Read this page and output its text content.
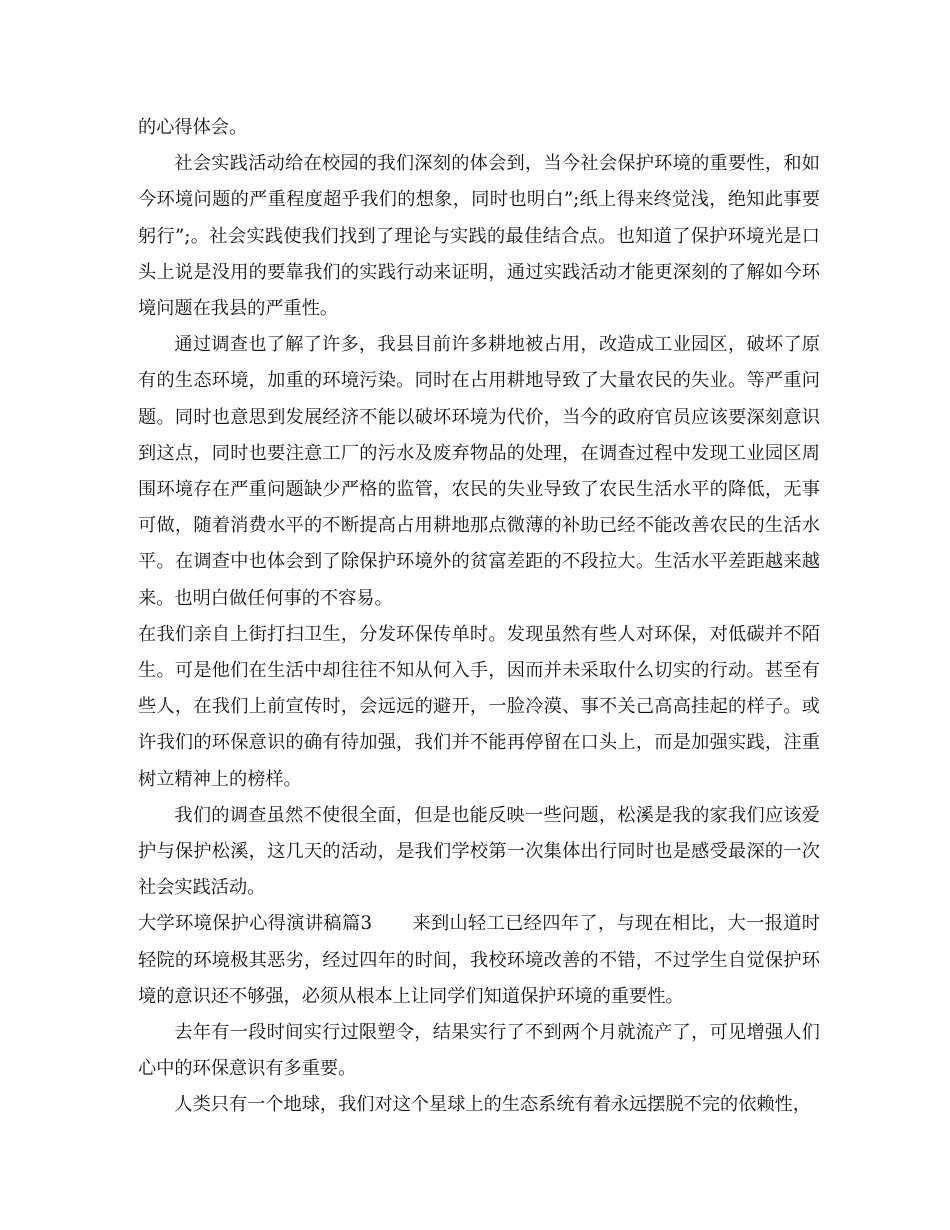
的心得体会。

社会实践活动给在校园的我们深刻的体会到，当今社会保护环境的重要性，和如今环境问题的严重程度超乎我们的想象，同时也明白”;纸上得来终觉浅，绝知此事要躬行”;。社会实践使我们找到了理论与实践的最佳结合点。也知道了保护环境光是口头上说是没用的要靠我们的实践行动来证明，通过实践活动才能更深刻的了解如今环境问题在我县的严重性。

通过调查也了解了许多，我县目前许多耕地被占用，改造成工业园区，破坏了原有的生态环境，加重的环境污染。同时在占用耕地导致了大量农民的失业。等严重问题。同时也意思到发展经济不能以破坏环境为代价，当今的政府官员应该要深刻意识到这点，同时也要注意工厂的污水及废弃物品的处理，在调查过程中发现工业园区周围环境存在严重问题缺少严格的监管，农民的失业导致了农民生活水平的降低，无事可做，随着消费水平的不断提高占用耕地那点微薄的补助已经不能改善农民的生活水平。在调查中也体会到了除保护环境外的贫富差距的不段拉大。生活水平差距越来越来。也明白做任何事的不容易。

在我们亲自上街打扫卫生，分发环保传单时。发现虽然有些人对环保，对低碳并不陌生。可是他们在生活中却往往不知从何入手，因而并未采取什么切实的行动。甚至有些人，在我们上前宣传时，会远远的避开，一脸冷漠、事不关己高高挂起的样子。或许我们的环保意识的确有待加强，我们并不能再停留在口头上，而是加强实践，注重树立精神上的榜样。

我们的调查虽然不使很全面，但是也能反映一些问题，松溪是我的家我们应该爱护与保护松溪，这几天的活动，是我们学校第一次集体出行同时也是感受最深的一次社会实践活动。

大学环境保护心得演讲稿篇3 来到山轻工已经四年了，与现在相比，大一报道时轻院的环境极其恶劣，经过四年的时间，我校环境改善的不错，不过学生自觉保护环境的意识还不够强，必须从根本上让同学们知道保护环境的重要性。

去年有一段时间实行过限塑令，结果实行了不到两个月就流产了，可见增强人们心中的环保意识有多重要。

人类只有一个地球，我们对这个星球上的生态系统有着永远摆脱不完的依赖性，
